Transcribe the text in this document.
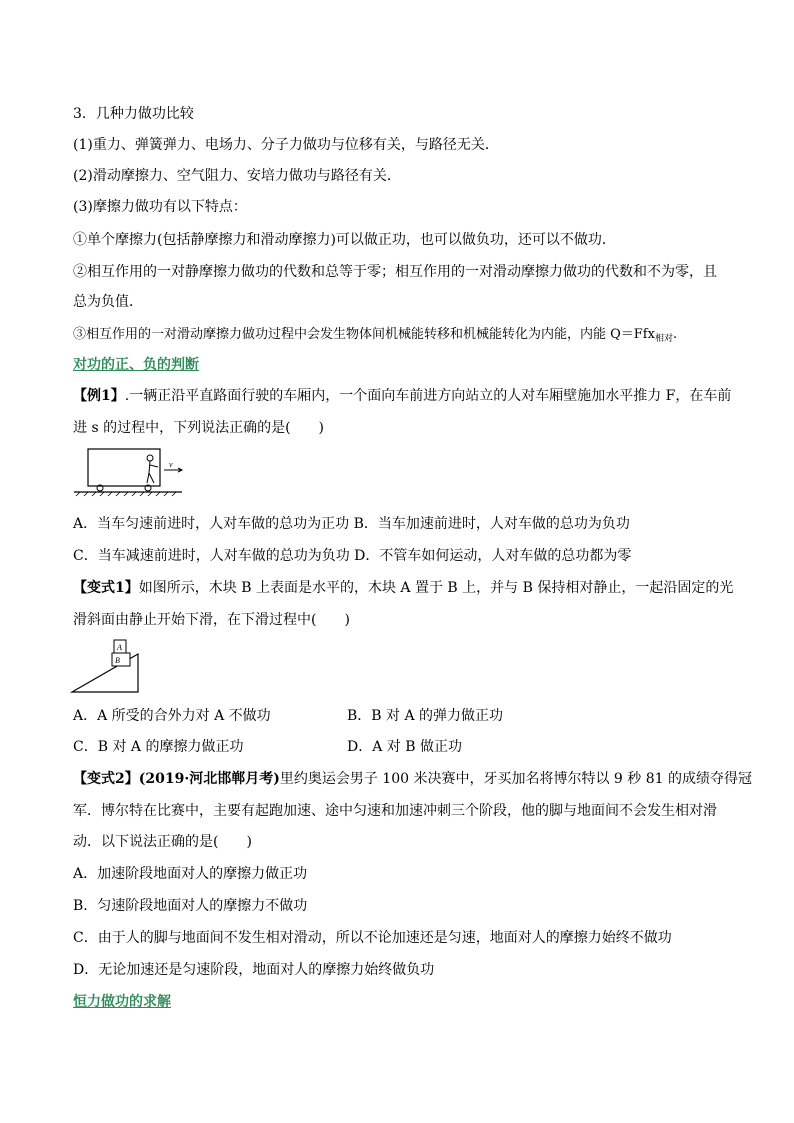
3．几种力做功比较
(1)重力、弹簧弹力、电场力、分子力做功与位移有关，与路径无关．
(2)滑动摩擦力、空气阻力、安培力做功与路径有关．
(3)摩擦力做功有以下特点：
①单个摩擦力(包括静摩擦力和滑动摩擦力)可以做正功，也可以做负功，还可以不做功．
②相互作用的一对静摩擦力做功的代数和总等于零；相互作用的一对滑动摩擦力做功的代数和不为零，且
总为负值．
③相互作用的一对滑动摩擦力做功过程中会发生物体间机械能转移和机械能转化为内能，内能 Q＝Ffx$_{相对}$.
对功的正、负的判断
【例1】.一辆正沿平直路面行驶的车厢内，一个面向车前进方向站立的人对车厢壁施加水平推力 F，在车前
进 s 的过程中，下列说法正确的是(　　)
v
A．当车匀速前进时，人对车做的总功为正功 B．当车加速前进时，人对车做的总功为负功
C．当车减速前进时，人对车做的总功为负功 D．不管车如何运动，人对车做的总功都为零
【变式1】如图所示，木块 B 上表面是水平的，木块 A 置于 B 上，并与 B 保持相对静止，一起沿固定的光
滑斜面由静止开始下滑，在下滑过程中(　　)
A
B
A．A 所受的合外力对 A 不做功	B．B 对 A 的弹力做正功
C．B 对 A 的摩擦力做正功	D．A 对 B 做正功
【变式2】(2019·河北邯郸月考)里约奥运会男子 100 米决赛中，牙买加名将博尔特以 9 秒 81 的成绩夺得冠
军．博尔特在比赛中，主要有起跑加速、途中匀速和加速冲刺三个阶段，他的脚与地面间不会发生相对滑
动．以下说法正确的是(　　)
A．加速阶段地面对人的摩擦力做正功
B．匀速阶段地面对人的摩擦力不做功
C．由于人的脚与地面间不发生相对滑动，所以不论加速还是匀速，地面对人的摩擦力始终不做功
D．无论加速还是匀速阶段，地面对人的摩擦力始终做负功
恒力做功的求解
